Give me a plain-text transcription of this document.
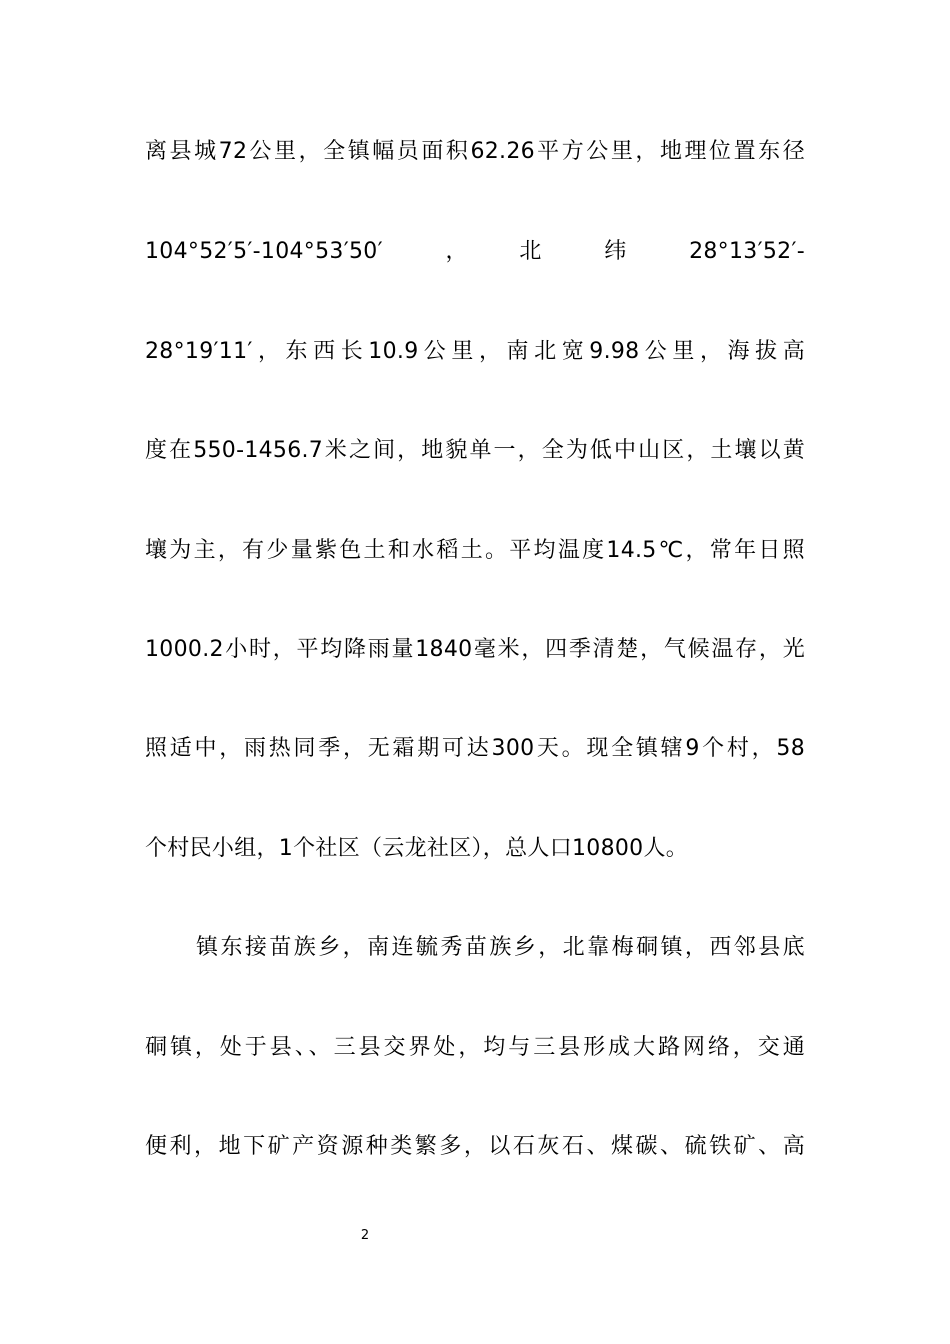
离县城72公里，全镇幅员面积62.26平方公里，地理位置东径
104°52′5′-104°53′50′　，　北　纬　28°13′52′-
28°19′11′，东西长10.9公里，南北宽9.98公里，海拔高
度在550-1456.7米之间，地貌单一，全为低中山区，土壤以黄
壤为主，有少量紫色土和水稻土。平均温度14.5℃，常年日照
1000.2小时，平均降雨量1840毫米，四季清楚，气候温存，光
照适中，雨热同季，无霜期可达300天。现全镇辖9个村，58
个村民小组，1个社区（云龙社区），总人口10800人。
镇东接苗族乡，南连毓秀苗族乡，北靠梅硐镇，西邻县底
硐镇，处于县、、三县交界处，均与三县形成大路网络，交通
便利，地下矿产资源种类繁多，以石灰石、煤碳、硫铁矿、高
2
